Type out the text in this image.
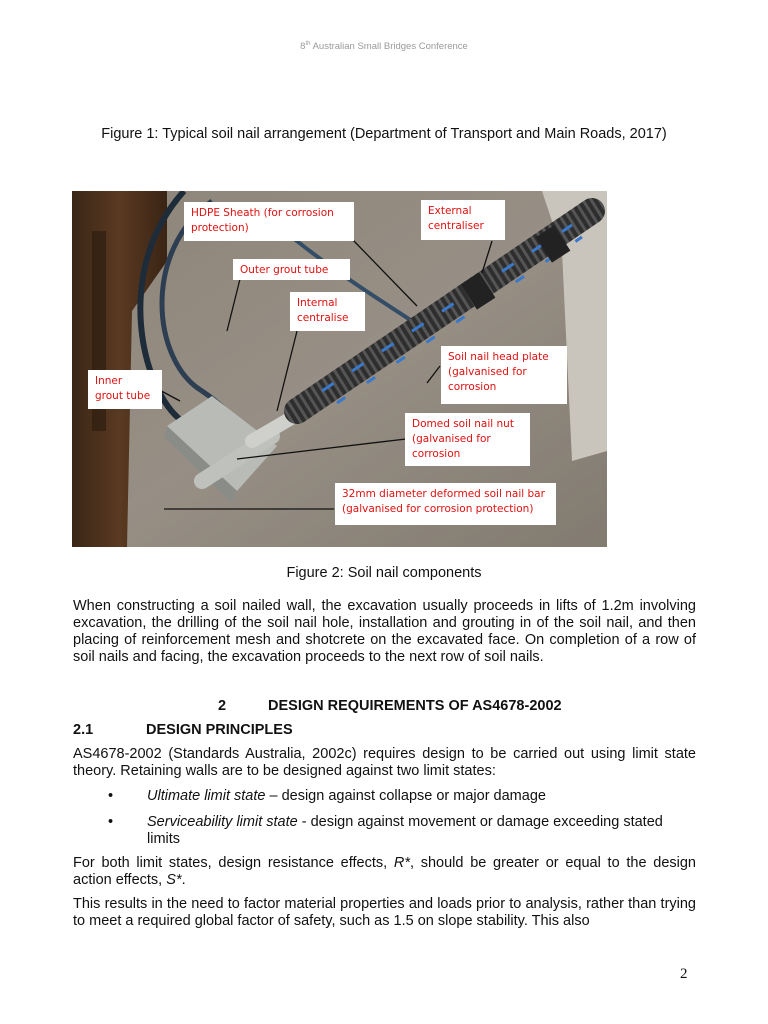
8th Australian Small Bridges Conference
Figure 1: Typical soil nail arrangement (Department of Transport and Main Roads, 2017)
HDPE Sheath (for corrosion
protection)
External
centraliser
Outer grout tube
Internal
centralise
Inner
grout tube
Soil nail head plate
(galvanised for
corrosion
Domed soil nail nut
(galvanised for
corrosion
32mm diameter deformed soil nail bar
(galvanised for corrosion protection)
Figure 2: Soil nail components
When constructing a soil nailed wall, the excavation usually proceeds in lifts of 1.2m involving excavation, the drilling of the soil nail hole, installation and grouting in of the soil nail, and then placing of reinforcement mesh and shotcrete on the excavated face. On completion of a row of soil nails and facing, the excavation proceeds to the next row of soil nails.
2	DESIGN REQUIREMENTS OF AS4678-2002
2.1	DESIGN PRINCIPLES
AS4678-2002 (Standards Australia, 2002c) requires design to be carried out using limit state theory. Retaining walls are to be designed against two limit states:
• Ultimate limit state – design against collapse or major damage
• Serviceability limit state - design against movement or damage exceeding stated limits
For both limit states, design resistance effects, R*, should be greater or equal to the design action effects, S*.
This results in the need to factor material properties and loads prior to analysis, rather than trying to meet a required global factor of safety, such as 1.5 on slope stability. This also
2
